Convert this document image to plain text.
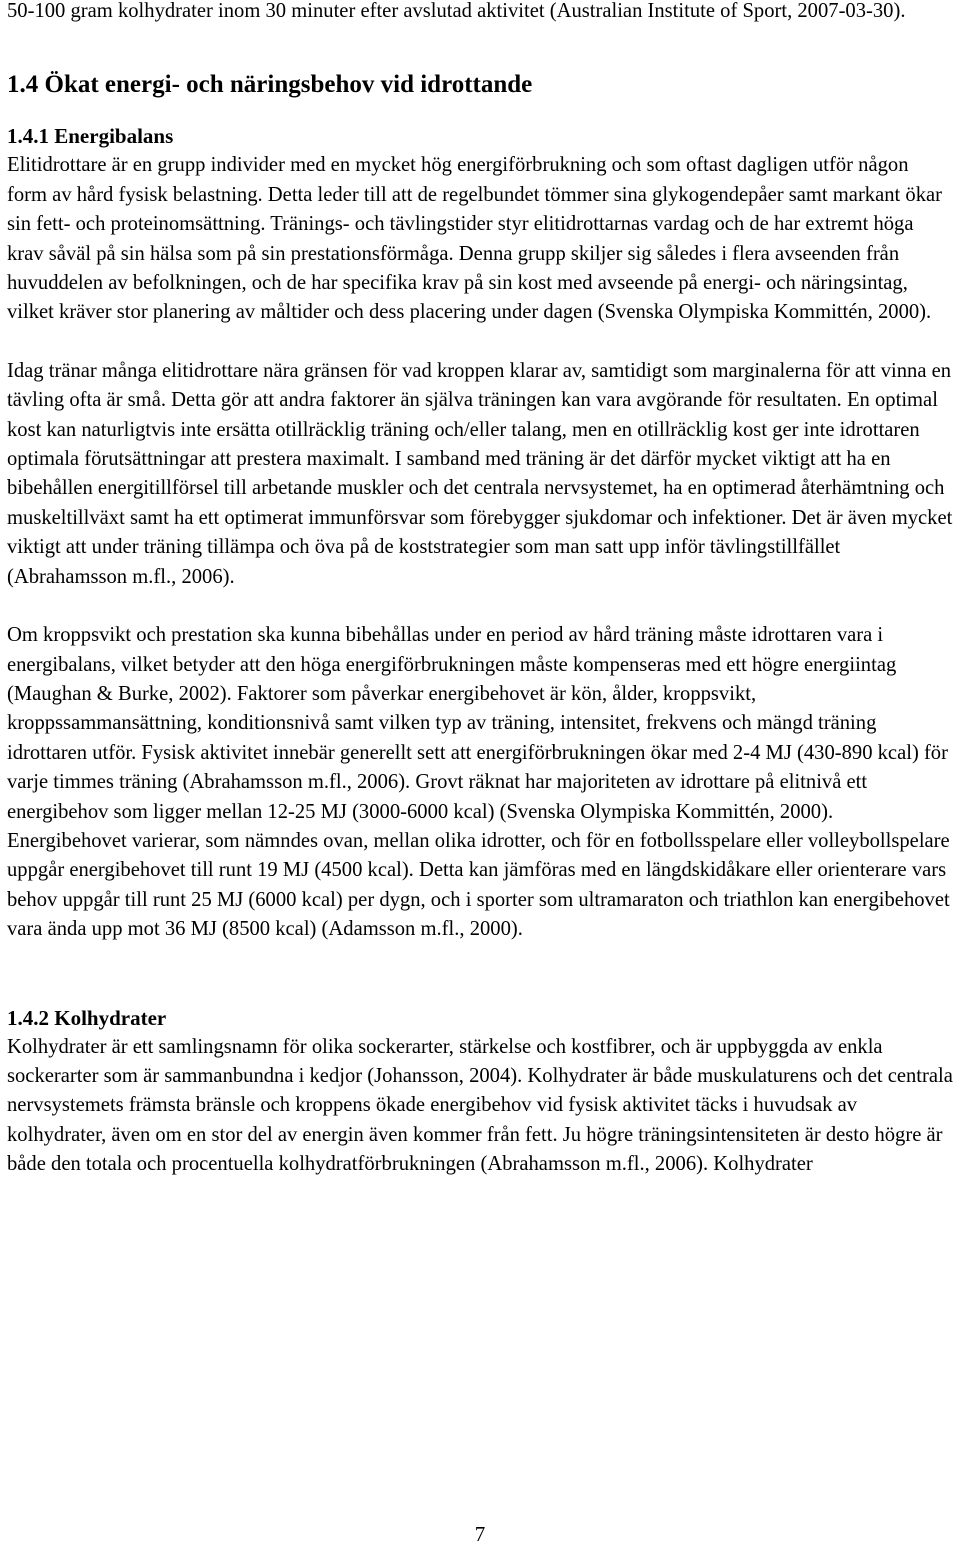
50-100 gram kolhydrater inom 30 minuter efter avslutad aktivitet (Australian Institute of Sport, 2007-03-30).

1.4 Ökat energi- och näringsbehov vid idrottande
1.4.1 Energibalans

Elitidrottare är en grupp individer med en mycket hög energiförbrukning och som oftast dagligen utför någon form av hård fysisk belastning. Detta leder till att de regelbundet tömmer sina glykogendepåer samt markant ökar sin fett- och proteinomsättning. Tränings- och tävlingstider styr elitidrottarnas vardag och de har extremt höga krav såväl på sin hälsa som på sin prestationsförmåga. Denna grupp skiljer sig således i flera avseenden från huvuddelen av befolkningen, och de har specifika krav på sin kost med avseende på energi- och näringsintag, vilket kräver stor planering av måltider och dess placering under dagen (Svenska Olympiska Kommittén, 2000).

Idag tränar många elitidrottare nära gränsen för vad kroppen klarar av, samtidigt som marginalerna för att vinna en tävling ofta är små. Detta gör att andra faktorer än själva träningen kan vara avgörande för resultaten. En optimal kost kan naturligtvis inte ersätta otillräcklig träning och/eller talang, men en otillräcklig kost ger inte idrottaren optimala förutsättningar att prestera maximalt. I samband med träning är det därför mycket viktigt att ha en bibehållen energitillförsel till arbetande muskler och det centrala nervsystemet, ha en optimerad återhämtning och muskeltillväxt samt ha ett optimerat immunförsvar som förebygger sjukdomar och infektioner. Det är även mycket viktigt att under träning tillämpa och öva på de koststrategier som man satt upp inför tävlingstillfället (Abrahamsson m.fl., 2006).

Om kroppsvikt och prestation ska kunna bibehållas under en period av hård träning måste idrottaren vara i energibalans, vilket betyder att den höga energiförbrukningen måste kompenseras med ett högre energiintag (Maughan & Burke, 2002). Faktorer som påverkar energibehovet är kön, ålder, kroppsvikt, kroppssammansättning, konditionsnivå samt vilken typ av träning, intensitet, frekvens och mängd träning idrottaren utför. Fysisk aktivitet innebär generellt sett att energiförbrukningen ökar med 2-4 MJ (430-890 kcal) för varje timmes träning (Abrahamsson m.fl., 2006). Grovt räknat har majoriteten av idrottare på elitnivå ett energibehov som ligger mellan 12-25 MJ (3000-6000 kcal) (Svenska Olympiska Kommittén, 2000). Energibehovet varierar, som nämndes ovan, mellan olika idrotter, och för en fotbollsspelare eller volleybollspelare uppgår energibehovet till runt 19 MJ (4500 kcal). Detta kan jämföras med en längdskidåkare eller orienterare vars behov uppgår till runt 25 MJ (6000 kcal) per dygn, och i sporter som ultramaraton och triathlon kan energibehovet vara ända upp mot 36 MJ (8500 kcal) (Adamsson m.fl., 2000).

1.4.2 Kolhydrater

Kolhydrater är ett samlingsnamn för olika sockerarter, stärkelse och kostfibrer, och är uppbyggda av enkla sockerarter som är sammanbundna i kedjor (Johansson, 2004). Kolhydrater är både muskulaturens och det centrala nervsystemets främsta bränsle och kroppens ökade energibehov vid fysisk aktivitet täcks i huvudsak av kolhydrater, även om en stor del av energin även kommer från fett. Ju högre träningsintensiteten är desto högre är både den totala och procentuella kolhydratförbrukningen (Abrahamsson m.fl., 2006). Kolhydrater

7
